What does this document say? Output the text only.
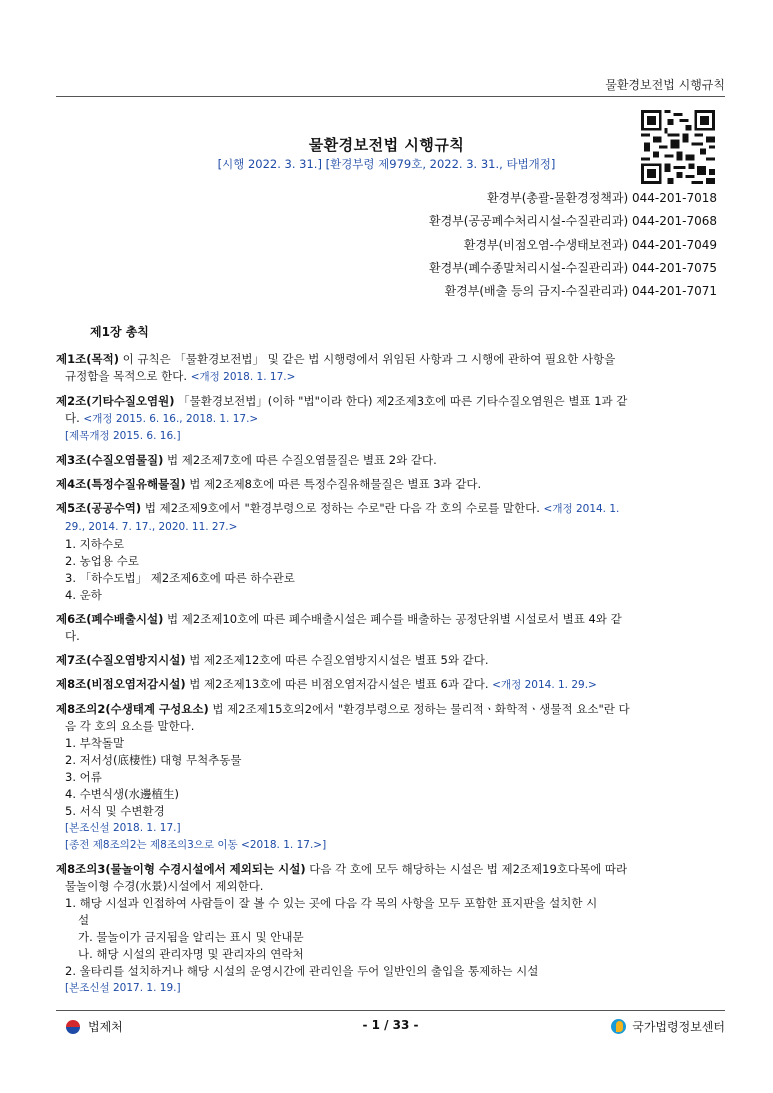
물환경보전법 시행규칙
물환경보전법 시행규칙
[시행 2022. 3. 31.] [환경부령 제979호, 2022. 3. 31., 타법개정]
환경부(총괄-물환경정책과) 044-201-7018
환경부(공공폐수처리시설-수질관리과) 044-201-7068
환경부(비점오염-수생태보전과) 044-201-7049
환경부(폐수종말처리시설-수질관리과) 044-201-7075
환경부(배출 등의 금지-수질관리과) 044-201-7071
제1장 총칙
제1조(목적) 이 규칙은 「물환경보전법」 및 같은 법 시행령에서 위임된 사항과 그 시행에 관하여 필요한 사항을
규정함을 목적으로 한다. <개정 2018. 1. 17.>
제2조(기타수질오염원) 「물환경보전법」(이하 "법"이라 한다) 제2조제3호에 따른 기타수질오염원은 별표 1과 같
다. <개정 2015. 6. 16., 2018. 1. 17.>
[제목개정 2015. 6. 16.]
제3조(수질오염물질) 법 제2조제7호에 따른 수질오염물질은 별표 2와 같다.
제4조(특정수질유해물질) 법 제2조제8호에 따른 특정수질유해물질은 별표 3과 같다.
제5조(공공수역) 법 제2조제9호에서 "환경부령으로 정하는 수로"란 다음 각 호의 수로를 말한다. <개정 2014. 1.
29., 2014. 7. 17., 2020. 11. 27.>
1. 지하수로
2. 농업용 수로
3. 「하수도법」 제2조제6호에 따른 하수관로
4. 운하
제6조(폐수배출시설) 법 제2조제10호에 따른 폐수배출시설은 폐수를 배출하는 공정단위별 시설로서 별표 4와 같
다.
제7조(수질오염방지시설) 법 제2조제12호에 따른 수질오염방지시설은 별표 5와 같다.
제8조(비점오염저감시설) 법 제2조제13호에 따른 비점오염저감시설은 별표 6과 같다. <개정 2014. 1. 29.>
제8조의2(수생태계 구성요소) 법 제2조제15호의2에서 "환경부령으로 정하는 물리적ㆍ화학적ㆍ생물적 요소"란 다
음 각 호의 요소를 말한다.
1. 부착돌말
2. 저서성(底棲性) 대형 무척추동물
3. 어류
4. 수변식생(水邊植生)
5. 서식 및 수변환경
[본조신설 2018. 1. 17.]
[종전 제8조의2는 제8조의3으로 이동 <2018. 1. 17.>]
제8조의3(물놀이형 수경시설에서 제외되는 시설) 다음 각 호에 모두 해당하는 시설은 법 제2조제19호다목에 따라
물놀이형 수경(水景)시설에서 제외한다.
1. 해당 시설과 인접하여 사람들이 잘 볼 수 있는 곳에 다음 각 목의 사항을 모두 포함한 표지판을 설치한 시
설
가. 물놀이가 금지됨을 알리는 표시 및 안내문
나. 해당 시설의 관리자명 및 관리자의 연락처
2. 울타리를 설치하거나 해당 시설의 운영시간에 관리인을 두어 일반인의 출입을 통제하는 시설
[본조신설 2017. 1. 19.]
법제처	- 1 / 33 -	국가법령정보센터
